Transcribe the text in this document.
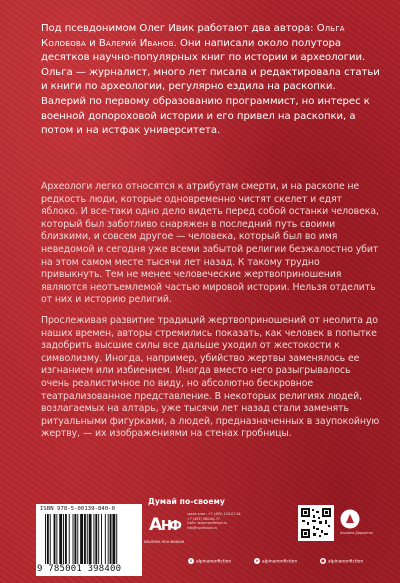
Под псевдонимом Олег Ивик работают два автора: Ольга Колобова и Валерий Иванов. Они написали около полутора десятков научно-популярных книг по истории и археологии. Ольга — журналист, много лет писала и редактировала статьи и книги по археологии, регулярно ездила на раскопки. Валерий по первому образованию программист, но интерес к военной допороховой истории и его привел на раскопки, а потом и на истфак университета.

Археологи легко относятся к атрибутам смерти, и на раскопе не редкость люди, которые одновременно чистят скелет и едят яблоко. И все-таки одно дело видеть перед собой останки человека, который был заботливо снаряжен в последний путь своими близкими, и совсем другое — человека, который был во имя неведомой и сегодня уже всеми забытой религии безжалостно убит на этом самом месте тысячи лет назад. К такому трудно привыкнуть. Тем не менее человеческие жертвоприношения являются неотъемлемой частью мировой истории. Нельзя отделить от них и историю религий.

Прослеживая развитие традиций жертвоприношений от неолита до наших времен, авторы стремились показать, как человек в попытке задобрить высшие силы все дальше уходил от жестокости к символизму. Иногда, например, убийство жертвы заменялось ее изгнанием или избиением. Иногда вместо него разыгрывалось очень реалистичное по виду, но абсолютно бескровное театрализованное представление. В некоторых религиях людей, возлагаемых на алтарь, уже тысячи лет назад стали заменять ритуальными фигурками, а людей, предназначенных в заупокойную жертву, — их изображениями на стенах гробницы.

Думай по-своему
ISBN 978-5-00139-840-0
9 785001 398400
А
Н
Ф
АЛЬПИНА НОН-ФИКШН
заказ книг: +7 (495) 120-07-04
+7 (495) 980-80-77
Сайт: www.nonfiction.ru
info@nonfiction.ru
Альпина Диджитал
в alpinanonfiction	➤ alpinanonfiction	● alpinanonfiction
